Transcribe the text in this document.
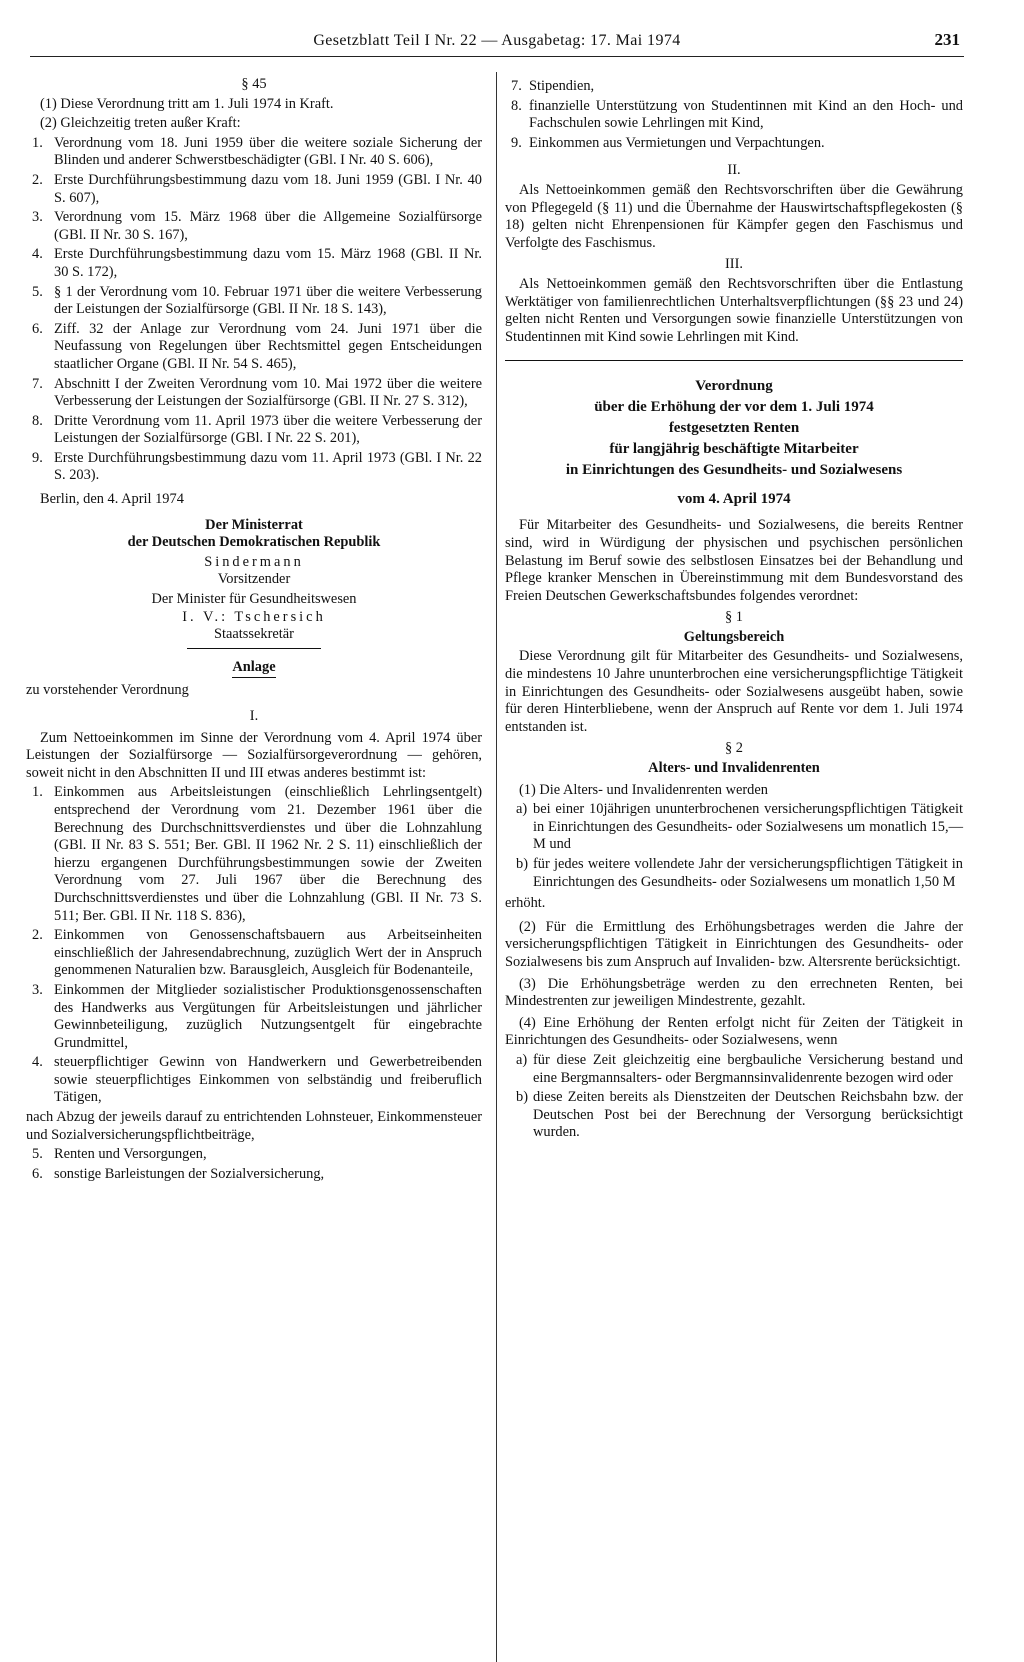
Gesetzblatt Teil I Nr. 22 — Ausgabetag: 17. Mai 1974	231

§ 45

(1) Diese Verordnung tritt am 1. Juli 1974 in Kraft.

(2) Gleichzeitig treten außer Kraft:

1. Verordnung vom 18. Juni 1959 über die weitere soziale Sicherung der Blinden und anderer Schwerstbeschädigter (GBl. I Nr. 40 S. 606),
2. Erste Durchführungsbestimmung dazu vom 18. Juni 1959 (GBl. I Nr. 40 S. 607),
3. Verordnung vom 15. März 1968 über die Allgemeine Sozialfürsorge (GBl. II Nr. 30 S. 167),
4. Erste Durchführungsbestimmung dazu vom 15. März 1968 (GBl. II Nr. 30 S. 172),
5. § 1 der Verordnung vom 10. Februar 1971 über die weitere Verbesserung der Leistungen der Sozialfürsorge (GBl. II Nr. 18 S. 143),
6. Ziff. 32 der Anlage zur Verordnung vom 24. Juni 1971 über die Neufassung von Regelungen über Rechtsmittel gegen Entscheidungen staatlicher Organe (GBl. II Nr. 54 S. 465),
7. Abschnitt I der Zweiten Verordnung vom 10. Mai 1972 über die weitere Verbesserung der Leistungen der Sozialfürsorge (GBl. II Nr. 27 S. 312),
8. Dritte Verordnung vom 11. April 1973 über die weitere Verbesserung der Leistungen der Sozialfürsorge (GBl. I Nr. 22 S. 201),
9. Erste Durchführungsbestimmung dazu vom 11. April 1973 (GBl. I Nr. 22 S. 203).

Berlin, den 4. April 1974

Der Ministerrat

der Deutschen Demokratischen Republik

Sindermann

Vorsitzender

Der Minister für Gesundheitswesen

I. V.: Tschersich

Staatssekretär

Anlage

zu vorstehender Verordnung

I.

Zum Nettoeinkommen im Sinne der Verordnung vom 4. April 1974 über Leistungen der Sozialfürsorge — Sozialfürsorgeverordnung — gehören, soweit nicht in den Abschnitten II und III etwas anderes bestimmt ist:

1. Einkommen aus Arbeitsleistungen (einschließlich Lehrlingsentgelt) entsprechend der Verordnung vom 21. Dezember 1961 über die Berechnung des Durchschnittsverdienstes und über die Lohnzahlung (GBl. II Nr. 83 S. 551; Ber. GBl. II 1962 Nr. 2 S. 11) einschließlich der hierzu ergangenen Durchführungsbestimmungen sowie der Zweiten Verordnung vom 27. Juli 1967 über die Berechnung des Durchschnittsverdienstes und über die Lohnzahlung (GBl. II Nr. 73 S. 511; Ber. GBl. II Nr. 118 S. 836),
2. Einkommen von Genossenschaftsbauern aus Arbeitseinheiten einschließlich der Jahresendabrechnung, zuzüglich Wert der in Anspruch genommenen Naturalien bzw. Barausgleich, Ausgleich für Bodenanteile,
3. Einkommen der Mitglieder sozialistischer Produktionsgenossenschaften des Handwerks aus Vergütungen für Arbeitsleistungen und jährlicher Gewinnbeteiligung, zuzüglich Nutzungsentgelt für eingebrachte Grundmittel,
4. steuerpflichtiger Gewinn von Handwerkern und Gewerbetreibenden sowie steuerpflichtiges Einkommen von selbständig und freiberuflich Tätigen,

nach Abzug der jeweils darauf zu entrichtenden Lohnsteuer, Einkommensteuer und Sozialversicherungspflichtbeiträge,

5. Renten und Versorgungen,
6. sonstige Barleistungen der Sozialversicherung,
7. Stipendien,
8. finanzielle Unterstützung von Studentinnen mit Kind an den Hoch- und Fachschulen sowie Lehrlingen mit Kind,
9. Einkommen aus Vermietungen und Verpachtungen.

II.

Als Nettoeinkommen gemäß den Rechtsvorschriften über die Gewährung von Pflegegeld (§ 11) und die Übernahme der Hauswirtschaftspflegekosten (§ 18) gelten nicht Ehrenpensionen für Kämpfer gegen den Faschismus und Verfolgte des Faschismus.

III.

Als Nettoeinkommen gemäß den Rechtsvorschriften über die Entlastung Werktätiger von familienrechtlichen Unterhaltsverpflichtungen (§§ 23 und 24) gelten nicht Renten und Versorgungen sowie finanzielle Unterstützungen von Studentinnen mit Kind sowie Lehrlingen mit Kind.

Verordnung

über die Erhöhung der vor dem 1. Juli 1974

festgesetzten Renten

für langjährig beschäftigte Mitarbeiter

in Einrichtungen des Gesundheits- und Sozialwesens

vom 4. April 1974

Für Mitarbeiter des Gesundheits- und Sozialwesens, die bereits Rentner sind, wird in Würdigung der physischen und psychischen persönlichen Belastung im Beruf sowie des selbstlosen Einsatzes bei der Behandlung und Pflege kranker Menschen in Übereinstimmung mit dem Bundesvorstand des Freien Deutschen Gewerkschaftsbundes folgendes verordnet:

§ 1

Geltungsbereich

Diese Verordnung gilt für Mitarbeiter des Gesundheits- und Sozialwesens, die mindestens 10 Jahre ununterbrochen eine versicherungspflichtige Tätigkeit in Einrichtungen des Gesundheits- oder Sozialwesens ausgeübt haben, sowie für deren Hinterbliebene, wenn der Anspruch auf Rente vor dem 1. Juli 1974 entstanden ist.

§ 2

Alters- und Invalidenrenten

(1) Die Alters- und Invalidenrenten werden

a) bei einer 10jährigen ununterbrochenen versicherungspflichtigen Tätigkeit in Einrichtungen des Gesundheits- oder Sozialwesens um monatlich 15,— M und
b) für jedes weitere vollendete Jahr der versicherungspflichtigen Tätigkeit in Einrichtungen des Gesundheits- oder Sozialwesens um monatlich 1,50 M

erhöht.

(2) Für die Ermittlung des Erhöhungsbetrages werden die Jahre der versicherungspflichtigen Tätigkeit in Einrichtungen des Gesundheits- oder Sozialwesens bis zum Anspruch auf Invaliden- bzw. Altersrente berücksichtigt.

(3) Die Erhöhungsbeträge werden zu den errechneten Renten, bei Mindestrenten zur jeweiligen Mindestrente, gezahlt.

(4) Eine Erhöhung der Renten erfolgt nicht für Zeiten der Tätigkeit in Einrichtungen des Gesundheits- oder Sozialwesens, wenn

a) für diese Zeit gleichzeitig eine bergbauliche Versicherung bestand und eine Bergmannsalters- oder Bergmannsinvalidenrente bezogen wird oder
b) diese Zeiten bereits als Dienstzeiten der Deutschen Reichsbahn bzw. der Deutschen Post bei der Berechnung der Versorgung berücksichtigt wurden.
